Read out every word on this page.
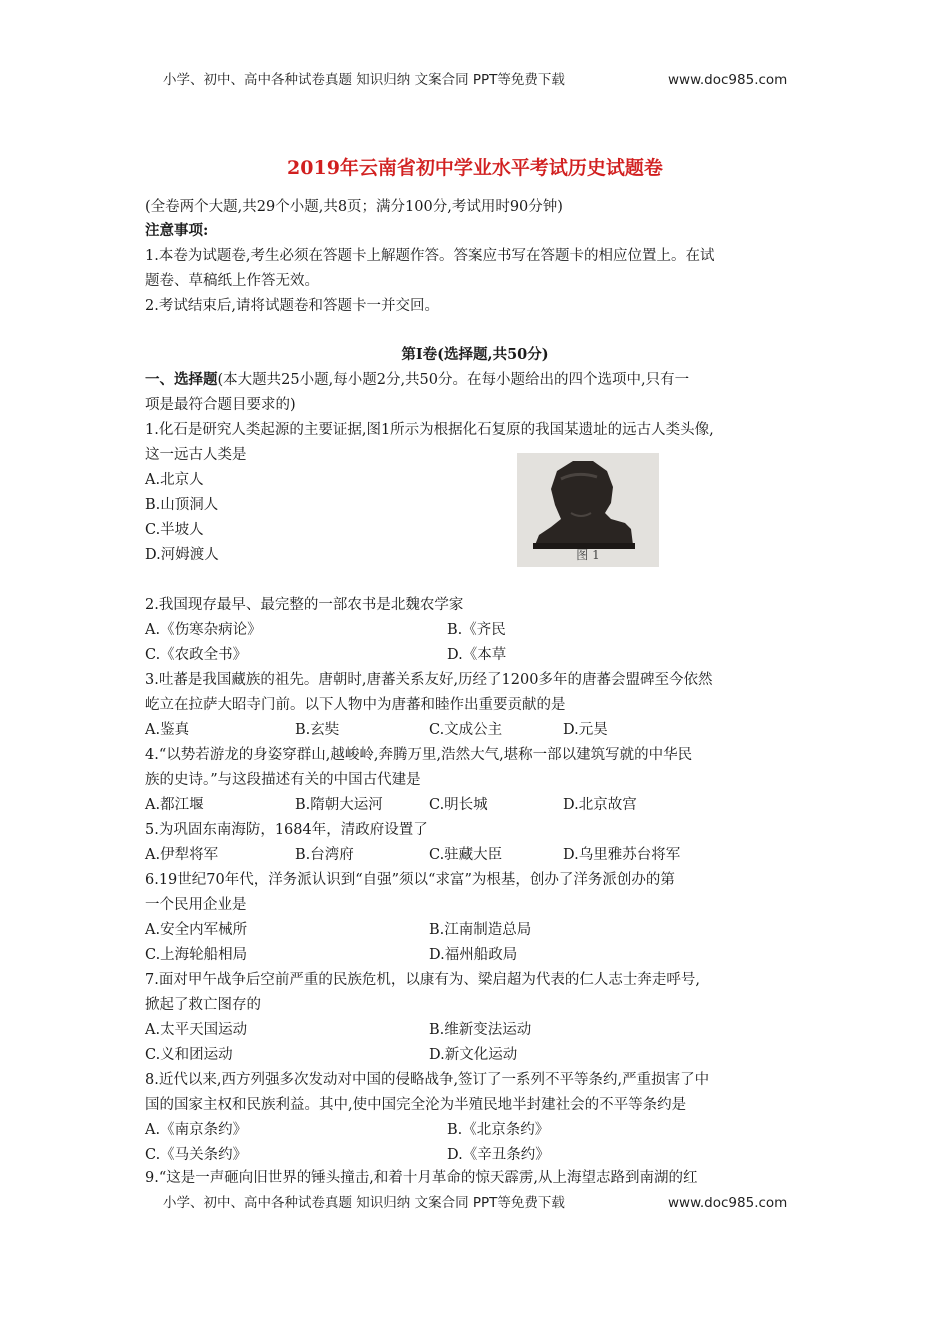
小学、初中、高中各种试卷真题 知识归纳 文案合同 PPT等免费下载	www.doc985.com
2019年云南省初中学业水平考试历史试题卷
(全卷两个大题,共29个小题,共8页；满分100分,考试用时90分钟)
注意事项:
1.本卷为试题卷,考生必须在答题卡上解题作答。答案应书写在答题卡的相应位置上。在试
题卷、草稿纸上作答无效。
2.考试结束后,请将试题卷和答题卡一并交回。
第Ⅰ卷(选择题,共50分)
一、选择题(本大题共25小题,每小题2分,共50分。在每小题给出的四个选项中,只有一
项是最符合题目要求的)
1.化石是研究人类起源的主要证据,图1所示为根据化石复原的我国某遗址的远古人类头像,
这一远古人类是
A.北京人
B.山顶洞人
C.半坡人
D.河姆渡人	图 1
2.我国现存最早、最完整的一部农书是北魏农学家
A.《伤寒杂病论》	B.《齐民
C.《农政全书》	D.《本草
3.吐蕃是我国藏族的祖先。唐朝时,唐蕃关系友好,历经了1200多年的唐蕃会盟碑至今依然
屹立在拉萨大昭寺门前。以下人物中为唐蕃和睦作出重要贡献的是
A.鉴真	B.玄奘	C.文成公主	D.元昊
4.“以势若游龙的身姿穿群山,越峻岭,奔腾万里,浩然大气,堪称一部以建筑写就的中华民
族的史诗。”与这段描述有关的中国古代建是
A.都江堰	B.隋朝大运河	C.明长城	D.北京故宫
5.为巩固东南海防，1684年，清政府设置了
A.伊犁将军	B.台湾府	C.驻藏大臣	D.乌里雅苏台将军
6.19世纪70年代，洋务派认识到“自强”须以“求富”为根基，创办了洋务派创办的第
一个民用企业是
A.安全内军械所	B.江南制造总局
C.上海轮船相局	D.福州船政局
7.面对甲午战争后空前严重的民族危机，以康有为、梁启超为代表的仁人志士奔走呼号,
掀起了救亡图存的
A.太平天国运动	B.维新变法运动
C.义和团运动	D.新文化运动
8.近代以来,西方列强多次发动对中国的侵略战争,签订了一系列不平等条约,严重损害了中
国的国家主权和民族利益。其中,使中国完全沦为半殖民地半封建社会的不平等条约是
A.《南京条约》	B.《北京条约》
C.《马关条约》	D.《辛丑条约》
9.“这是一声砸向旧世界的锤头撞击,和着十月革命的惊天霹雳,从上海望志路到南湖的红
小学、初中、高中各种试卷真题 知识归纳 文案合同 PPT等免费下载	www.doc985.com
